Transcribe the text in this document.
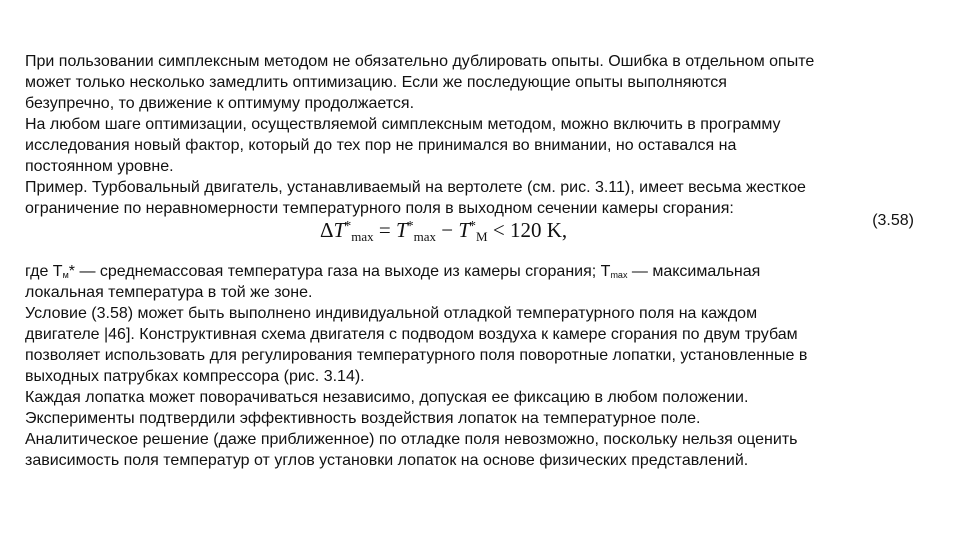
При пользовании симплексным методом не обязательно дублировать опыты. Ошибка в отдельном опыте
может только несколько замедлить оптимизацию. Если же последующие опыты выполняются
безупречно, то движение к оптимуму продолжается.
На любом шаге оптимизации, осуществляемой симплексным методом, можно включить в программу
исследования новый фактор, который до тех пор не принимался во внимании, но оставался на
постоянном уровне.
Пример. Турбовальный двигатель, устанавливаемый на вертолете (см. рис. 3.11), имеет весьма жесткое
ограничение по неравномерности температурного поля в выходном сечении камеры сгорания:
$\Delta T^*_{max} = T^*_{max} - T^*_M < 120$ K,	(3.58)
где Tм* — среднемассовая температура газа на выходе из камеры сгорания; Tmax — максимальная
локальная температура в той же зоне.
Условие (3.58) может быть выполнено индивидуальной отладкой температурного поля на каждом
двигателе |46]. Конструктивная схема двигателя с подводом воздуха к камере сгорания по двум трубам
позволяет использовать для регулирования температурного поля поворотные лопатки, установленные в
выходных патрубках компрессора (рис. 3.14).
Каждая лопатка может поворачиваться независимо, допуская ее фиксацию в любом положении.
Эксперименты подтвердили эффективность воздействия лопаток на температурное поле.
Аналитическое решение (даже приближенное) по отладке поля невозможно, поскольку нельзя оценить
зависимость поля температур от углов установки лопаток на основе физических представлений.
